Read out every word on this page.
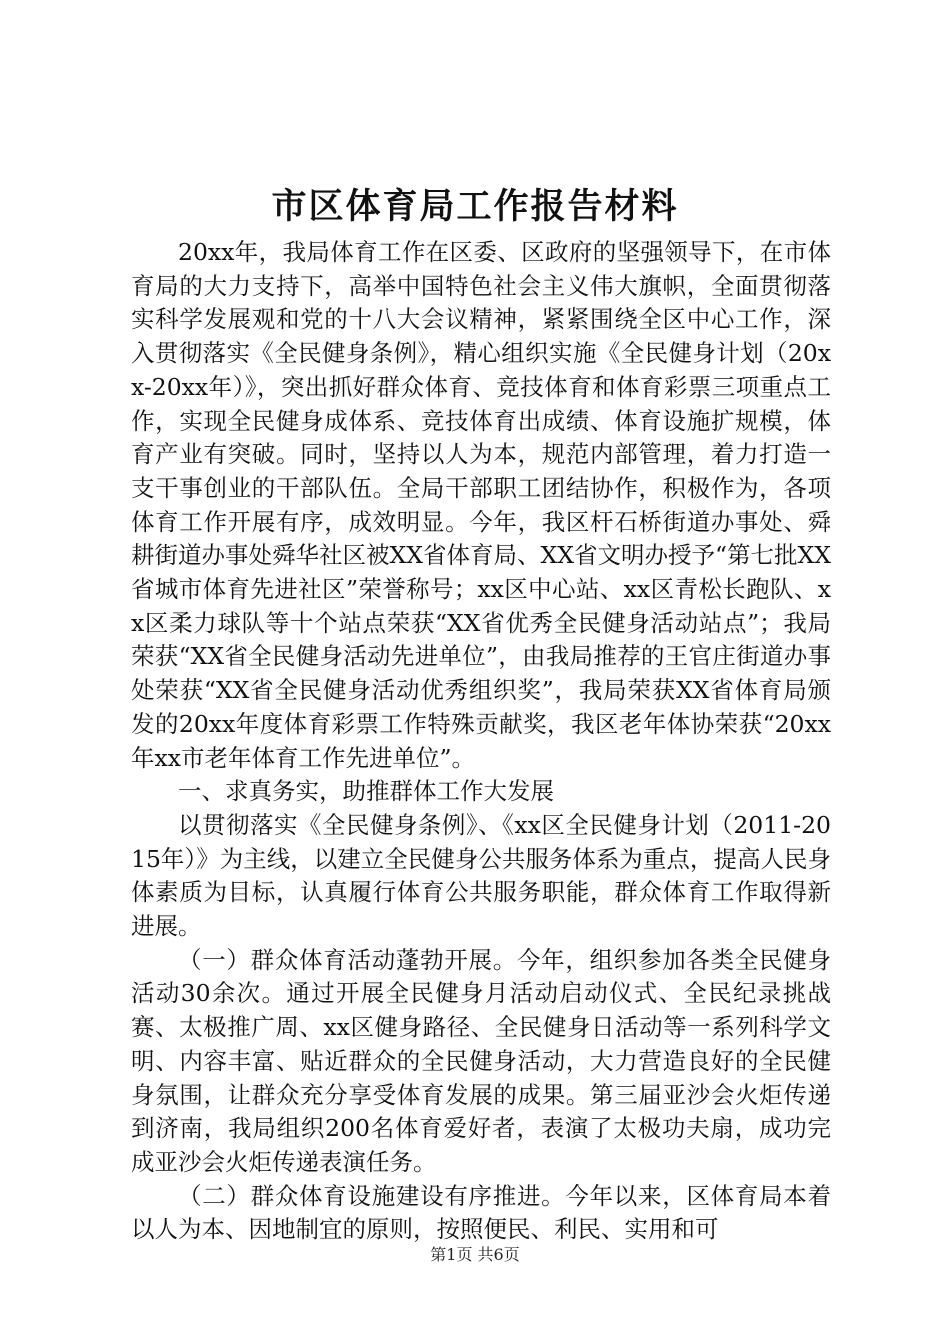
市区体育局工作报告材料

20xx年，我局体育工作在区委、区政府的坚强领导下，在市体育局的大力支持下，高举中国特色社会主义伟大旗帜，全面贯彻落实科学发展观和党的十八大会议精神，紧紧围绕全区中心工作，深入贯彻落实《全民健身条例》，精心组织实施《全民健身计划（20xx-20xx年）》，突出抓好群众体育、竞技体育和体育彩票三项重点工作，实现全民健身成体系、竞技体育出成绩、体育设施扩规模，体育产业有突破。同时，坚持以人为本，规范内部管理，着力打造一支干事创业的干部队伍。全局干部职工团结协作，积极作为，各项体育工作开展有序，成效明显。今年，我区杆石桥街道办事处、舜耕街道办事处舜华社区被XX省体育局、XX省文明办授予“第七批XX省城市体育先进社区”荣誉称号；xx区中心站、xx区青松长跑队、xx区柔力球队等十个站点荣获“XX省优秀全民健身活动站点”；我局荣获“XX省全民健身活动先进单位”，由我局推荐的王官庄街道办事处荣获“XX省全民健身活动优秀组织奖”，我局荣获XX省体育局颁发的20xx年度体育彩票工作特殊贡献奖，我区老年体协荣获“20xx年xx市老年体育工作先进单位”。

一、求真务实，助推群体工作大发展

以贯彻落实《全民健身条例》、《xx区全民健身计划（2011-2015年）》为主线，以建立全民健身公共服务体系为重点，提高人民身体素质为目标，认真履行体育公共服务职能，群众体育工作取得新进展。

（一）群众体育活动蓬勃开展。今年，组织参加各类全民健身活动30余次。通过开展全民健身月活动启动仪式、全民纪录挑战赛、太极推广周、xx区健身路径、全民健身日活动等一系列科学文明、内容丰富、贴近群众的全民健身活动，大力营造良好的全民健身氛围，让群众充分享受体育发展的成果。第三届亚沙会火炬传递到济南，我局组织200名体育爱好者，表演了太极功夫扇，成功完成亚沙会火炬传递表演任务。

（二）群众体育设施建设有序推进。今年以来，区体育局本着以人为本、因地制宜的原则，按照便民、利民、实用和可

第1页 共6页
